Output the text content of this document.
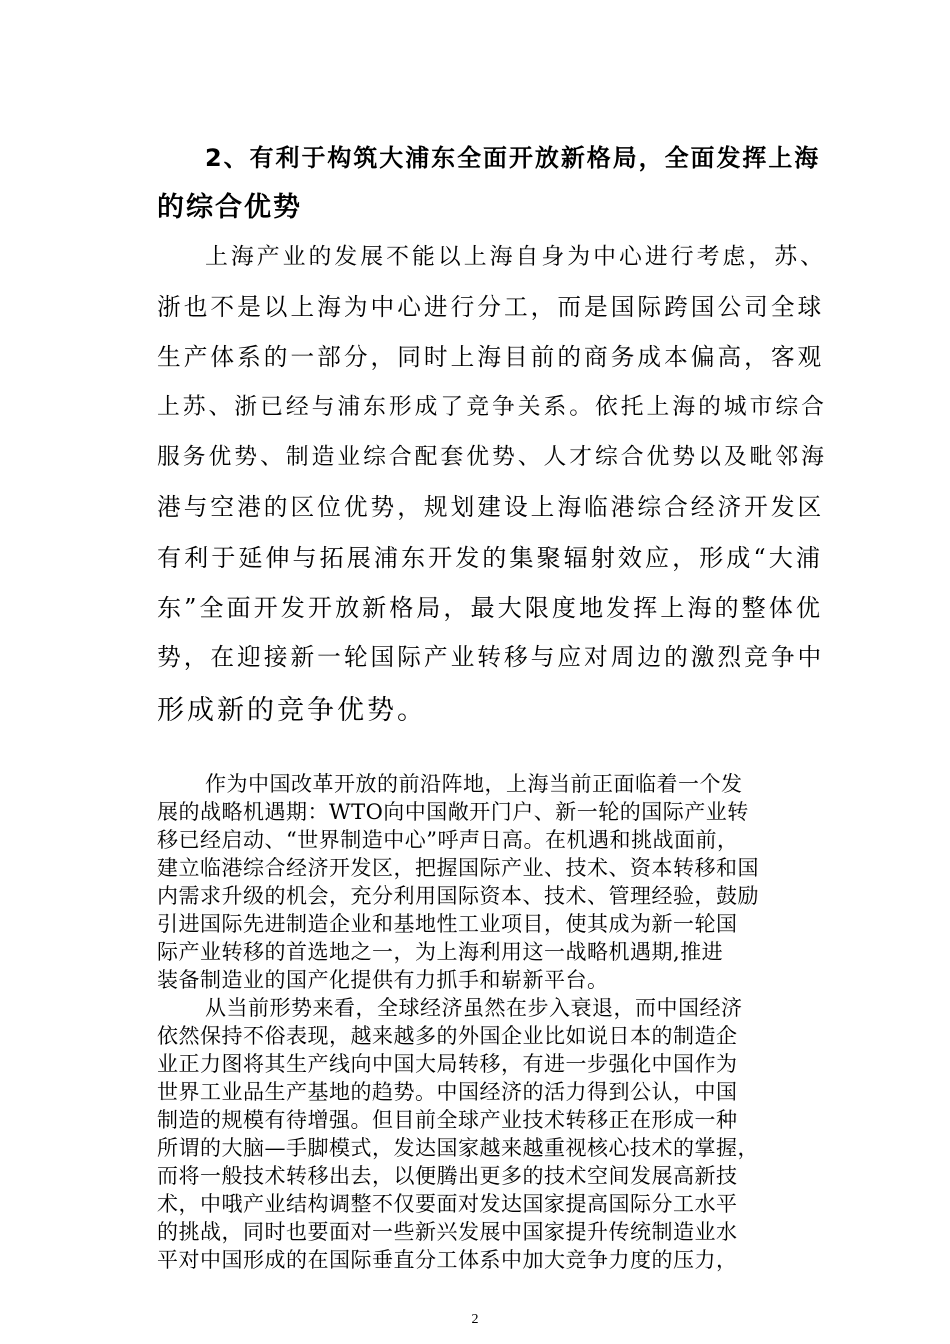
2、有利于构筑大浦东全面开放新格局，全面发挥上海

的综合优势

上海产业的发展不能以上海自身为中心进行考虑，苏、

浙也不是以上海为中心进行分工，而是国际跨国公司全球

生产体系的一部分，同时上海目前的商务成本偏高，客观

上苏、浙已经与浦东形成了竞争关系。依托上海的城市综合

服务优势、制造业综合配套优势、人才综合优势以及毗邻海

港与空港的区位优势，规划建设上海临港综合经济开发区

有利于延伸与拓展浦东开发的集聚辐射效应，形成“大浦

东”全面开发开放新格局，最大限度地发挥上海的整体优

势，在迎接新一轮国际产业转移与应对周边的激烈竞争中

形成新的竞争优势。

作为中国改革开放的前沿阵地，上海当前正面临着一个发

展的战略机遇期：WTO向中国敞开门户、新一轮的国际产业转

移已经启动、“世界制造中心”呼声日高。在机遇和挑战面前，

建立临港综合经济开发区，把握国际产业、技术、资本转移和国

内需求升级的机会，充分利用国际资本、技术、管理经验，鼓励

引进国际先进制造企业和基地性工业项目，使其成为新一轮国

际产业转移的首选地之一，为上海利用这一战略机遇期,推进

装备制造业的国产化提供有力抓手和崭新平台。

从当前形势来看，全球经济虽然在步入衰退，而中国经济

依然保持不俗表现，越来越多的外国企业比如说日本的制造企

业正力图将其生产线向中国大局转移，有进一步强化中国作为

世界工业品生产基地的趋势。中国经济的活力得到公认，中国

制造的规模有待增强。但目前全球产业技术转移正在形成一种

所谓的大脑—手脚模式，发达国家越来越重视核心技术的掌握，

而将一般技术转移出去，以便腾出更多的技术空间发展高新技

术，中哦产业结构调整不仅要面对发达国家提高国际分工水平

的挑战，同时也要面对一些新兴发展中国家提升传统制造业水

平对中国形成的在国际垂直分工体系中加大竞争力度的压力，

2
